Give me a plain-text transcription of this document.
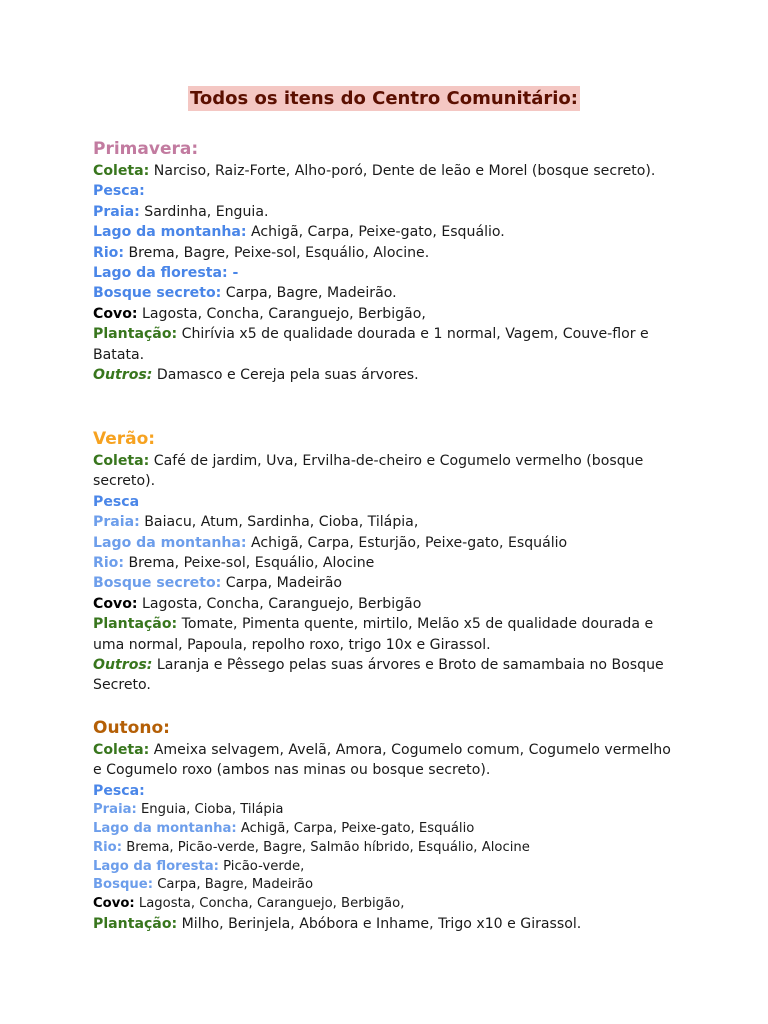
Todos os itens do Centro Comunitário:
Primavera:
Coleta: Narciso, Raiz-Forte, Alho-poró, Dente de leão e Morel (bosque secreto).
Pesca:
Praia: Sardinha, Enguia.
Lago da montanha: Achigã, Carpa, Peixe-gato, Esquálio.
Rio: Brema, Bagre, Peixe-sol, Esquálio, Alocine.
Lago da floresta: -
Bosque secreto: Carpa, Bagre, Madeirão.
Covo: Lagosta, Concha, Caranguejo, Berbigão,
Plantação: Chirívia x5 de qualidade dourada e 1 normal, Vagem, Couve-flor e Batata.
Outros: Damasco e Cereja pela suas árvores.
Verão:
Coleta: Café de jardim, Uva, Ervilha-de-cheiro e Cogumelo vermelho (bosque secreto).
Pesca
Praia: Baiacu, Atum, Sardinha, Cioba, Tilápia,
Lago da montanha: Achigã, Carpa, Esturjão, Peixe-gato, Esquálio
Rio: Brema, Peixe-sol, Esquálio, Alocine
Bosque secreto: Carpa, Madeirão
Covo: Lagosta, Concha, Caranguejo, Berbigão
Plantação: Tomate, Pimenta quente, mirtilo, Melão x5 de qualidade dourada e uma normal, Papoula, repolho roxo, trigo 10x e Girassol.
Outros: Laranja e Pêssego pelas suas árvores e Broto de samambaia no Bosque Secreto.
Outono:
Coleta: Ameixa selvagem, Avelã, Amora, Cogumelo comum, Cogumelo vermelho e Cogumelo roxo (ambos nas minas ou bosque secreto).
Pesca:
Praia: Enguia, Cioba, Tilápia
Lago da montanha: Achigã, Carpa, Peixe-gato, Esquálio
Rio: Brema, Picão-verde, Bagre, Salmão híbrido, Esquálio, Alocine
Lago da floresta: Picão-verde,
Bosque: Carpa, Bagre, Madeirão
Covo: Lagosta, Concha, Caranguejo, Berbigão,
Plantação: Milho, Berinjela, Abóbora e Inhame, Trigo x10 e Girassol.
